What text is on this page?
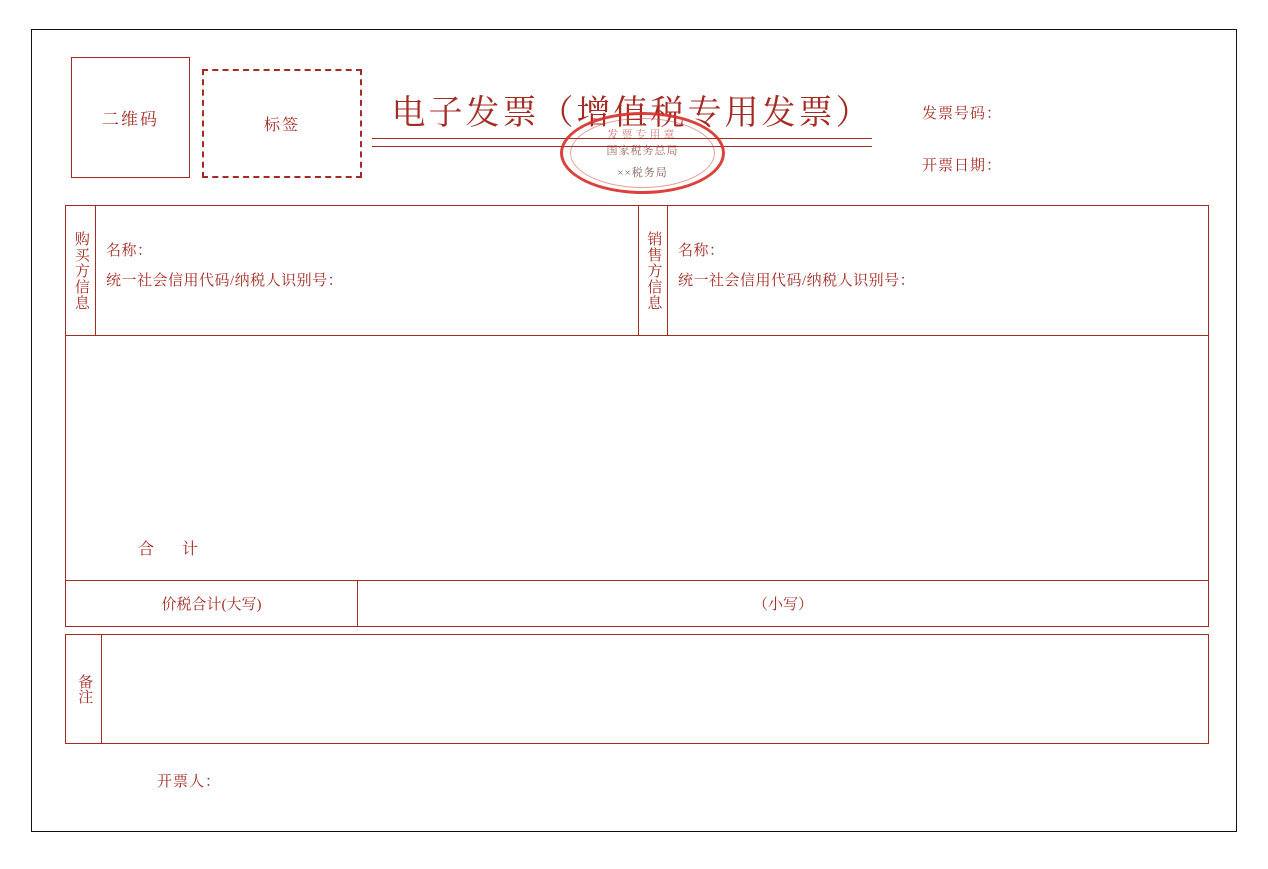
二维码	标签	电子发票（增值税专用发票）	发票号码：
开票日期：
发票专用章
国家税务总局
××税务局
购买方信息 名称：
统一社会信用代码/纳税人识别号：	销售方信息 名称：
统一社会信用代码/纳税人识别号：
合 计
价税合计(大写)	（小写）
备注
开票人：
